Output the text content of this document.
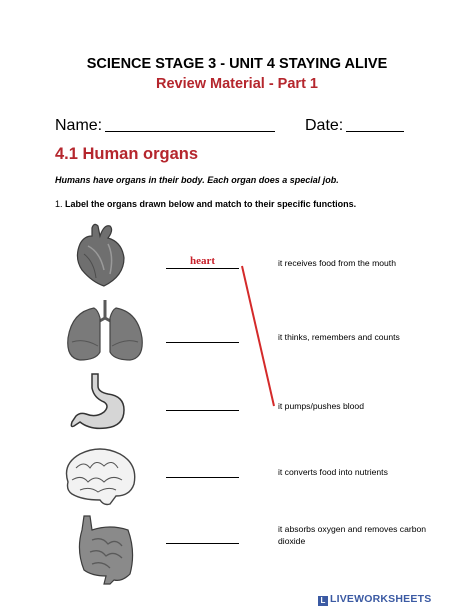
SCIENCE STAGE 3 - UNIT 4 STAYING ALIVE
Review Material - Part 1
Name:	Date:
4.1 Human organs
Humans have organs in their body. Each organ does a special job.
1. Label the organs drawn below and match to their specific functions.
heart	it receives food from the mouth
it thinks, remembers and counts
it pumps/pushes blood
it converts food into nutrients
it absorbs oxygen and removes carbon dioxide
L LIVEWORKSHEETS
